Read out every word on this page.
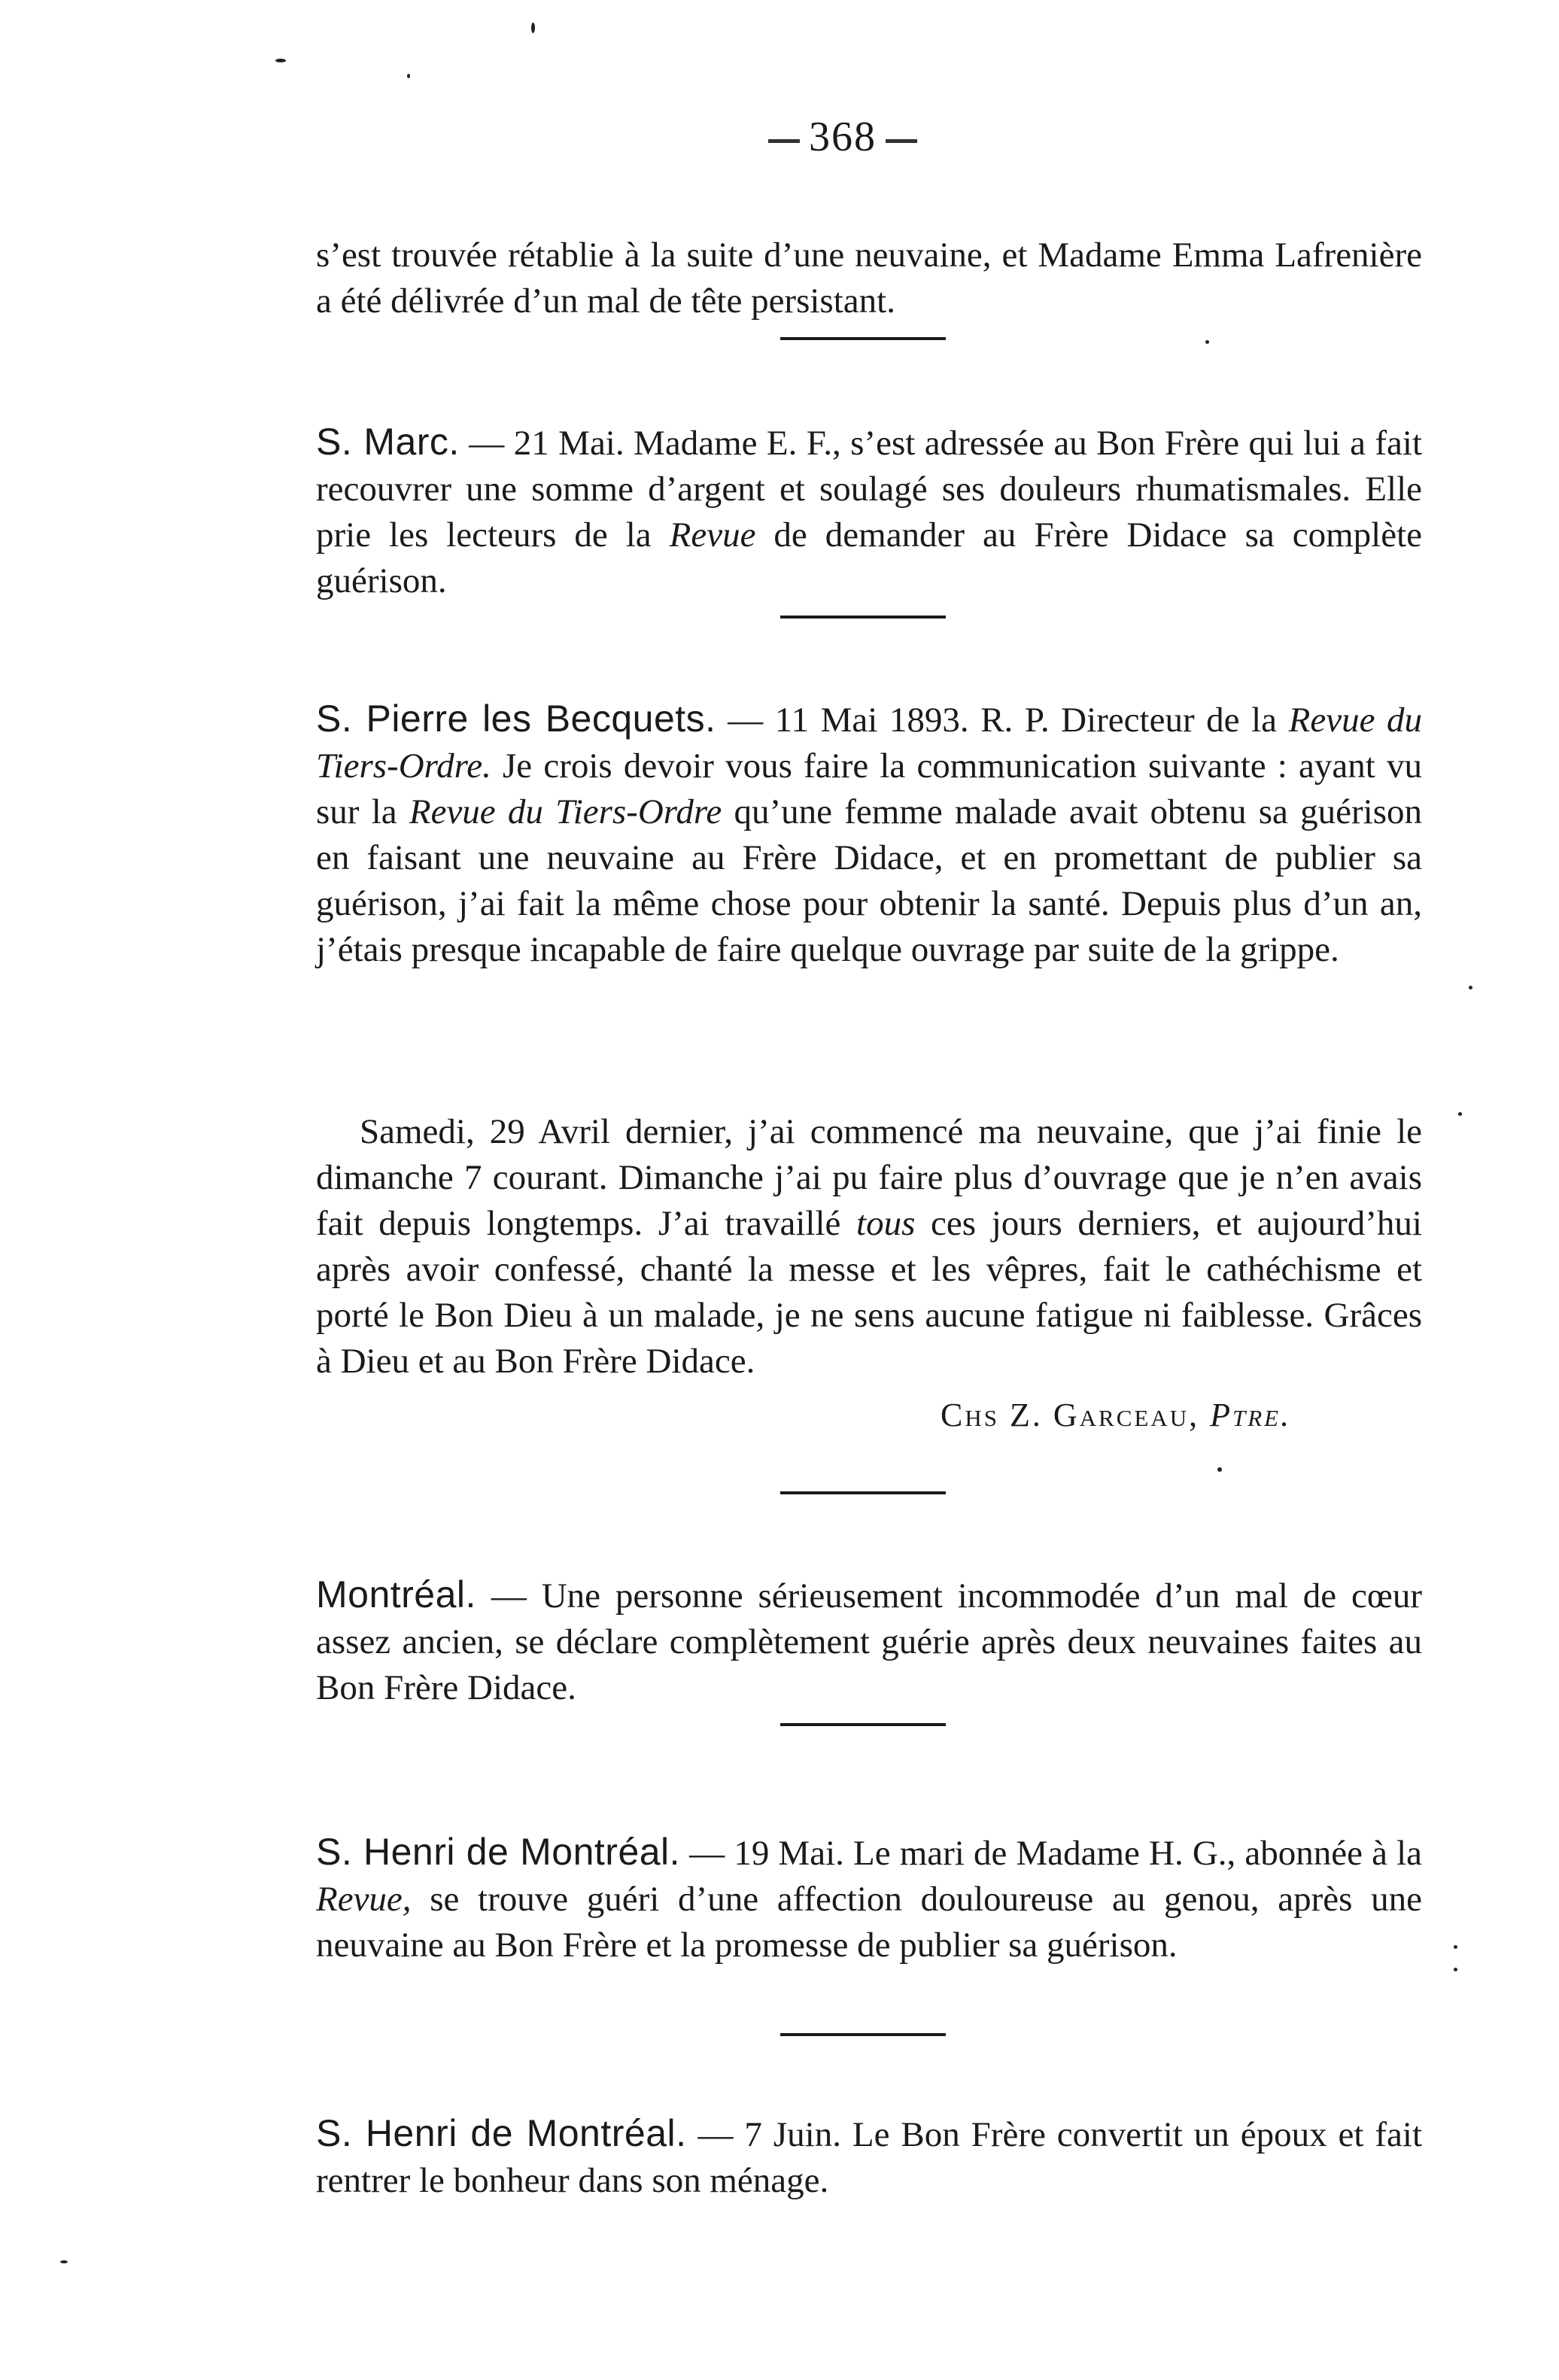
368

s’est trouvée rétablie à la suite d’une neuvaine, et Madame Emma Lafrenière a été délivrée d’un mal de tête persistant.

S. Marc. — 21 Mai. Madame E. F., s’est adressée au Bon Frère qui lui a fait recouvrer une somme d’argent et soulagé ses douleurs rhumatismales. Elle prie les lecteurs de la Revue de demander au Frère Didace sa complète guérison.

S. Pierre les Becquets. — 11 Mai 1893. R. P. Directeur de la Revue du Tiers-Ordre. Je crois devoir vous faire la communication suivante : ayant vu sur la Revue du Tiers-Ordre qu’une femme malade avait obtenu sa guérison en faisant une neuvaine au Frère Didace, et en promettant de publier sa guérison, j’ai fait la même chose pour obtenir la santé. Depuis plus d’un an, j’étais presque incapable de faire quelque ouvrage par suite de la grippe.

Samedi, 29 Avril dernier, j’ai commencé ma neuvaine, que j’ai finie le dimanche 7 courant. Dimanche j’ai pu faire plus d’ouvrage que je n’en avais fait depuis longtemps. J’ai travaillé tous ces jours derniers, et aujourd’hui après avoir confessé, chanté la messe et les vêpres, fait le cathéchisme et porté le Bon Dieu à un malade, je ne sens aucune fatigue ni faiblesse. Grâces à Dieu et au Bon Frère Didace.

Chs Z. Garceau, Ptre.

Montréal. — Une personne sérieusement incommodée d’un mal de cœur assez ancien, se déclare complètement guérie après deux neuvaines faites au Bon Frère Didace.

S. Henri de Montréal. — 19 Mai. Le mari de Madame H. G., abonnée à la Revue, se trouve guéri d’une affection douloureuse au genou, après une neuvaine au Bon Frère et la promesse de publier sa guérison.

S. Henri de Montréal. — 7 Juin. Le Bon Frère convertit un époux et fait rentrer le bonheur dans son ménage.
